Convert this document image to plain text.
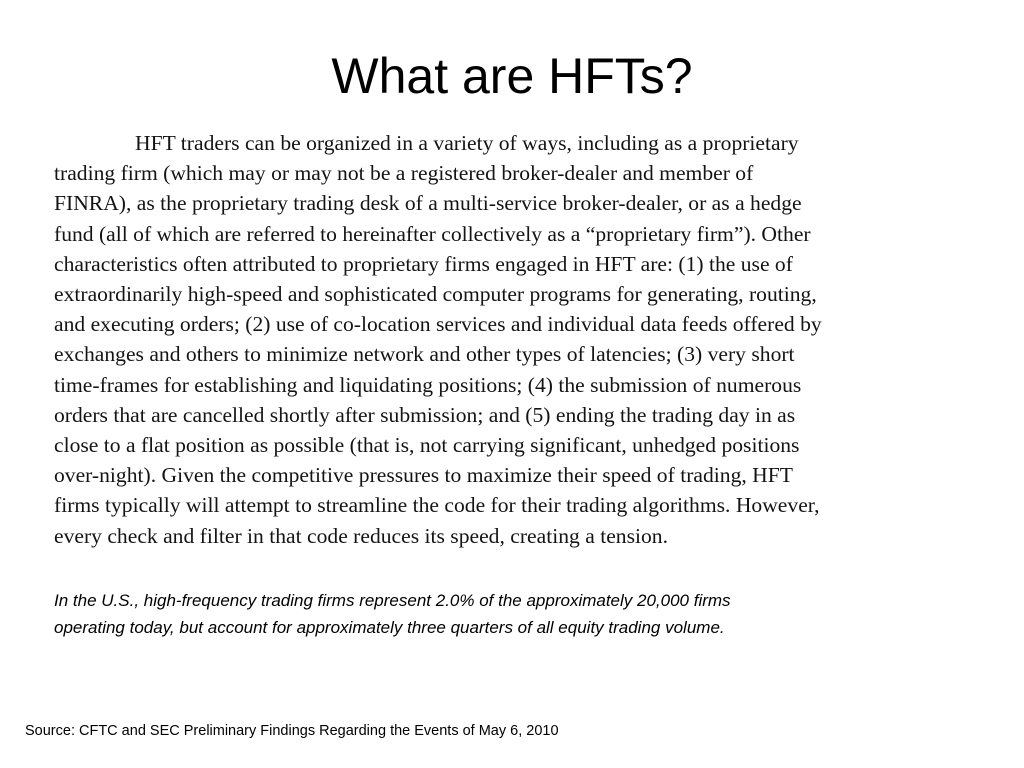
What are HFTs?
HFT traders can be organized in a variety of ways, including as a proprietary
trading firm (which may or may not be a registered broker-dealer and member of
FINRA), as the proprietary trading desk of a multi-service broker-dealer, or as a hedge
fund (all of which are referred to hereinafter collectively as a “proprietary firm”). Other
characteristics often attributed to proprietary firms engaged in HFT are: (1) the use of
extraordinarily high-speed and sophisticated computer programs for generating, routing,
and executing orders; (2) use of co-location services and individual data feeds offered by
exchanges and others to minimize network and other types of latencies; (3) very short
time-frames for establishing and liquidating positions; (4) the submission of numerous
orders that are cancelled shortly after submission; and (5) ending the trading day in as
close to a flat position as possible (that is, not carrying significant, unhedged positions
over-night). Given the competitive pressures to maximize their speed of trading, HFT
firms typically will attempt to streamline the code for their trading algorithms. However,
every check and filter in that code reduces its speed, creating a tension.
In the U.S., high-frequency trading firms represent 2.0% of the approximately 20,000 firms
operating today, but account for approximately three quarters of all equity trading volume.
Source: CFTC and SEC Preliminary Findings Regarding the Events of May 6, 2010
